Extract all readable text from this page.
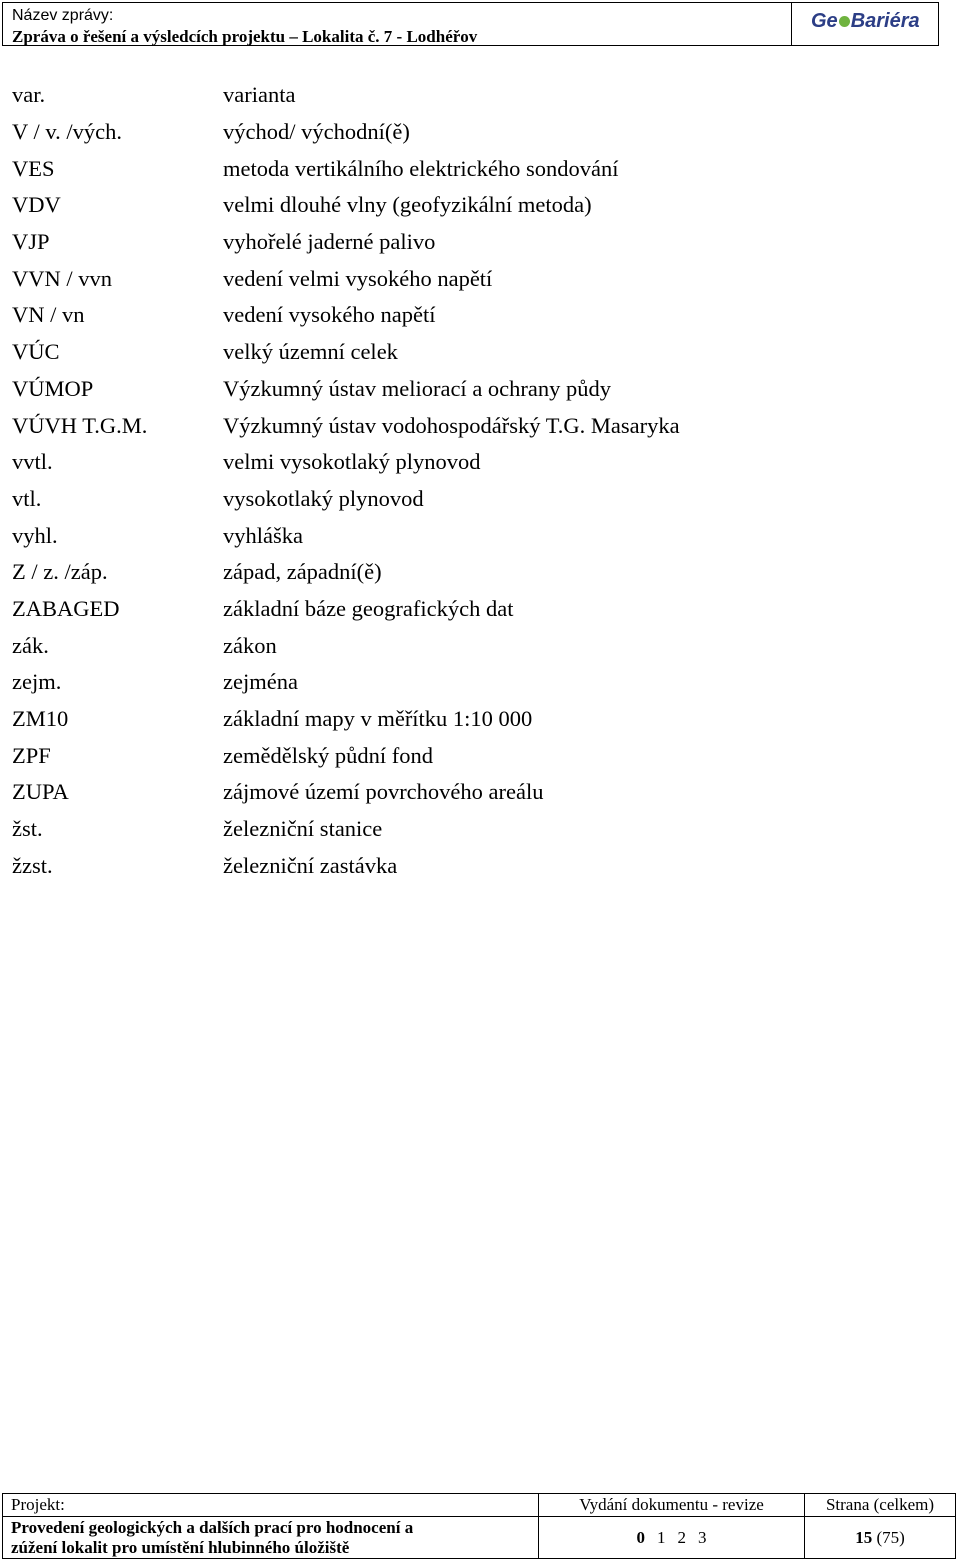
Název zprávy:
Zpráva o řešení a výsledcích projektu – Lokalita č. 7 - Lodhéřov
Ge Bariéra
var.	varianta
V / v. /vých.	východ/ východní(ě)
VES	metoda vertikálního elektrického sondování
VDV	velmi dlouhé vlny (geofyzikální metoda)
VJP	vyhořelé jaderné palivo
VVN / vvn	vedení velmi vysokého napětí
VN / vn	vedení vysokého napětí
VÚC	velký územní celek
VÚMOP	Výzkumný ústav meliorací a ochrany půdy
VÚVH T.G.M.	Výzkumný ústav vodohospodářský T.G. Masaryka
vvtl.	velmi vysokotlaký plynovod
vtl.	vysokotlaký plynovod
vyhl.	vyhláška
Z / z. /záp.	západ, západní(ě)
ZABAGED	základní báze geografických dat
zák.	zákon
zejm.	zejména
ZM10	základní mapy v měřítku 1:10 000
ZPF	zemědělský půdní fond
ZUPA	zájmové území povrchového areálu
žst.	železniční stanice
žzst.	železniční zastávka
Projekt:	Vydání dokumentu - revize	Strana (celkem)

Provedení geologických a dalších prací pro hodnocení a
zúžení lokalit pro umístění hlubinného úložiště	0 1 2 3	15 (75)
